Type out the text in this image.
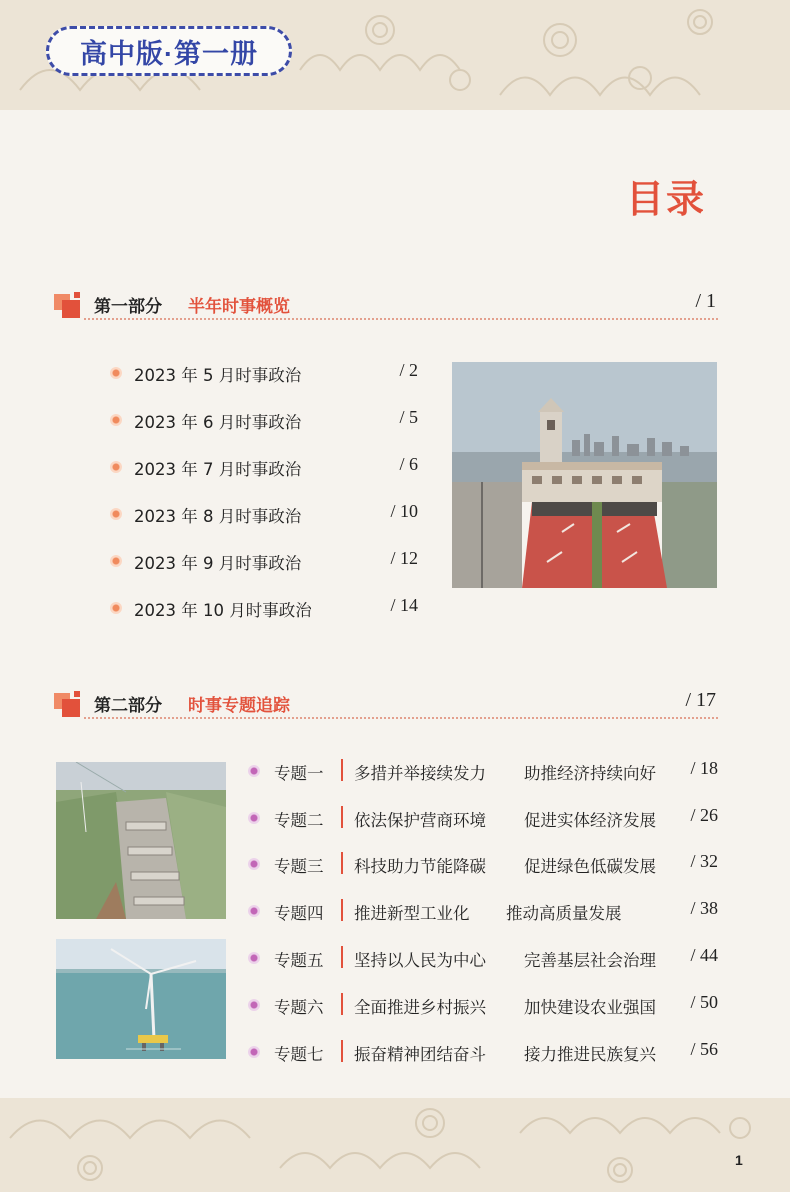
高中版·第一册
目录
第一部分 半年时事概览	/ 1
2023 年 5 月时事政治	/ 2
2023 年 6 月时事政治	/ 5
2023 年 7 月时事政治	/ 6
2023 年 8 月时事政治	/ 10
2023 年 9 月时事政治	/ 12
2023 年 10 月时事政治	/ 14
第二部分 时事专题追踪	/ 17
专题一 多措并举接续发力 助推经济持续向好 / 18
专题二 依法保护营商环境 促进实体经济发展 / 26
专题三 科技助力节能降碳 促进绿色低碳发展 / 32
专题四 推进新型工业化 推动高质量发展	/ 38
专题五 坚持以人民为中心 完善基层社会治理 / 44
专题六 全面推进乡村振兴 加快建设农业强国 / 50
专题七 振奋精神团结奋斗 接力推进民族复兴 / 56
1
